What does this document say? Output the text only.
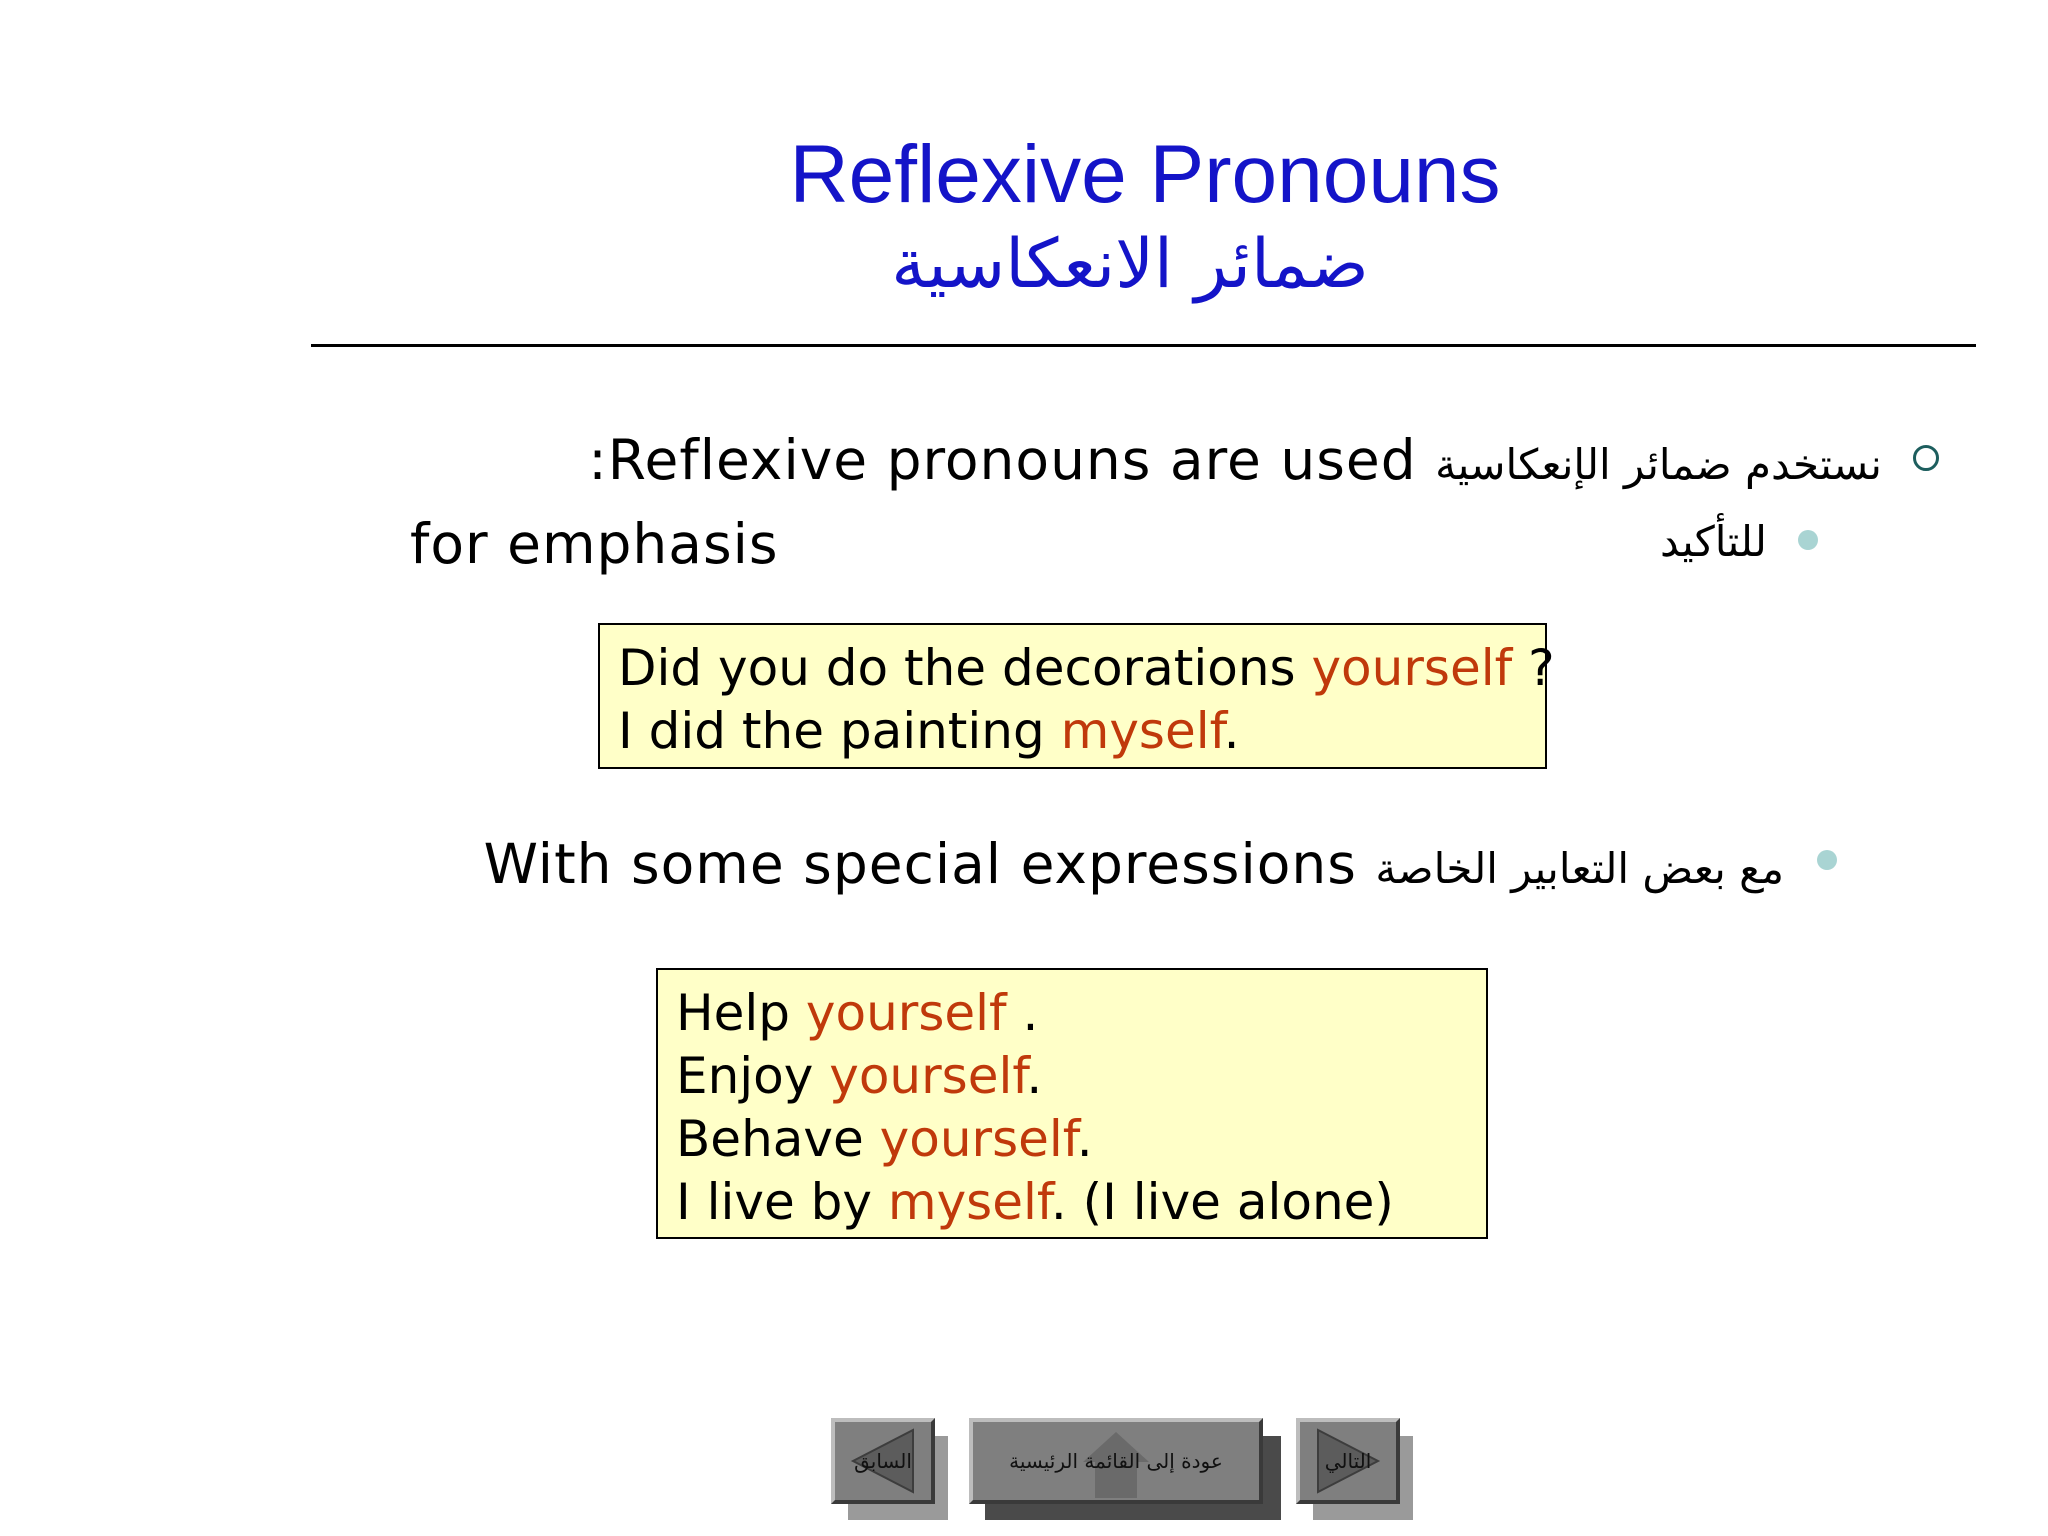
Reflexive Pronouns
ضمائر الانعكاسية
:Reflexive pronouns are used نستخدم ضمائر الإنعكاسية
للتأكيد
for emphasis
Did you do the decorations yourself ?
I did the painting myself.
With some special expressions مع بعض التعابير الخاصة
Help yourself .
Enjoy yourself.
Behave yourself.
I live by myself. (I live alone)
السابق	عودة إلى القائمة الرئيسية	التالي
